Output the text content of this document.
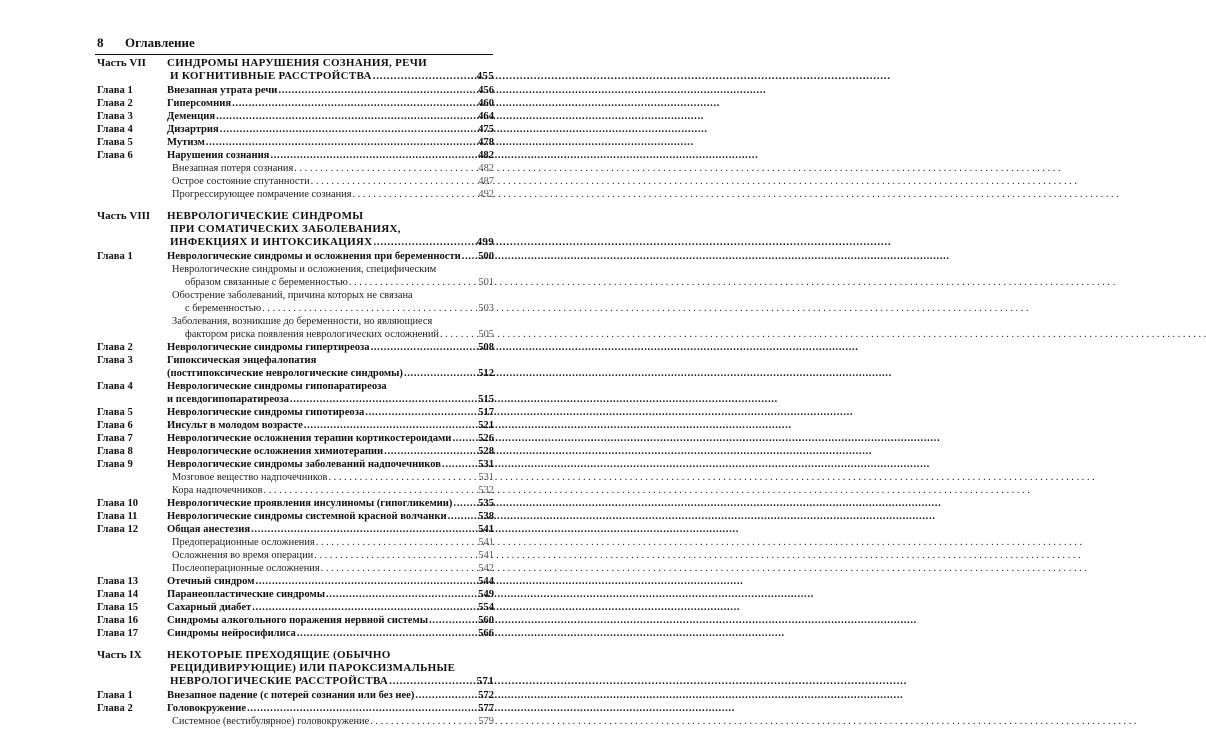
8 Оглавление
Часть VII	СИНДРОМЫ НАРУШЕНИЯ СОЗНАНИЯ, РЕЧИ
И КОГНИТИВНЫЕ РАССТРОЙСТВА . . .	455
Глава 1	Внезапная утрата речи . . .	456
Глава 2	Гиперсомния . . .	460
Глава 3	Деменция . . .	464
Глава 4	Дизартрия . . .	475
Глава 5	Мутизм . . .	478
Глава 6	Нарушения сознания . . .	482
Внезапная потеря сознания . . .	482
Острое состояние спутанности . . .	487
Прогрессирующее помрачение сознания . . .	492
Часть VIII	НЕВРОЛОГИЧЕСКИЕ СИНДРОМЫ
ПРИ СОМАТИЧЕСКИХ ЗАБОЛЕВАНИЯХ,
ИНФЕКЦИЯХ И ИНТОКСИКАЦИЯХ . . .	499
Глава 1	Неврологические синдромы и осложнения при беременности . . . 500
Неврологические синдромы и осложнения, специфическим
образом связанные с беременностью . . .	501
Обострение заболеваний, причина которых не связана
с беременностью . . .	503
Заболевания, возникшие до беременности, но являющиеся
фактором риска появления неврологических осложнений . . .	505
Глава 2	Неврологические синдромы гипертиреоза . . .	508
Глава 3	Гипоксическая энцефалопатия
(постгипоксические неврологические синдромы) . . .	512
Глава 4	Неврологические синдромы гипопаратиреоза
и псевдогипопаратиреоза . . .	515
Глава 5	Неврологические синдромы гипотиреоза . . .	517
Глава 6	Инсульт в молодом возрасте . . .	521
Глава 7	Неврологические осложнения терапии кортикостероидами . . .	526
Глава 8	Неврологические осложнения химиотерапии . . .	528
Глава 9	Неврологические синдромы заболеваний надпочечников . . .	531
Мозговое вещество надпочечников . . .	531
Кора надпочечников . . .	532
Глава 10	Неврологические проявления инсулиномы (гипогликемии) . . . 535
Глава 11	Неврологические синдромы системной красной волчанки . . .	538
Глава 12	Общая анестезия . . .	541
Предоперационные осложнения . . .	541
Осложнения во время операции . . .	541
Послеоперационные осложнения . . .	542
Глава 13	Отечный синдром . . .	544
Глава 14	Паранеопластические синдромы . . .	549
Глава 15	Сахарный диабет . . .	554
Глава 16	Синдромы алкогольного поражения нервной системы . . .	560
Глава 17	Синдромы нейросифилиса . . .	566
Часть IX	НЕКОТОРЫЕ ПРЕХОДЯЩИЕ (ОБЫЧНО
РЕЦИДИВИРУЮЩИЕ) ИЛИ ПАРОКСИЗМАЛЬНЫЕ
НЕВРОЛОГИЧЕСКИЕ РАССТРОЙСТВА . . .	571
Глава 1	Внезапное падение (с потерей сознания или без нее) . . .	572
Глава 2	Головокружение . . .	577
Системное (вестибулярное) головокружение . . .	579
